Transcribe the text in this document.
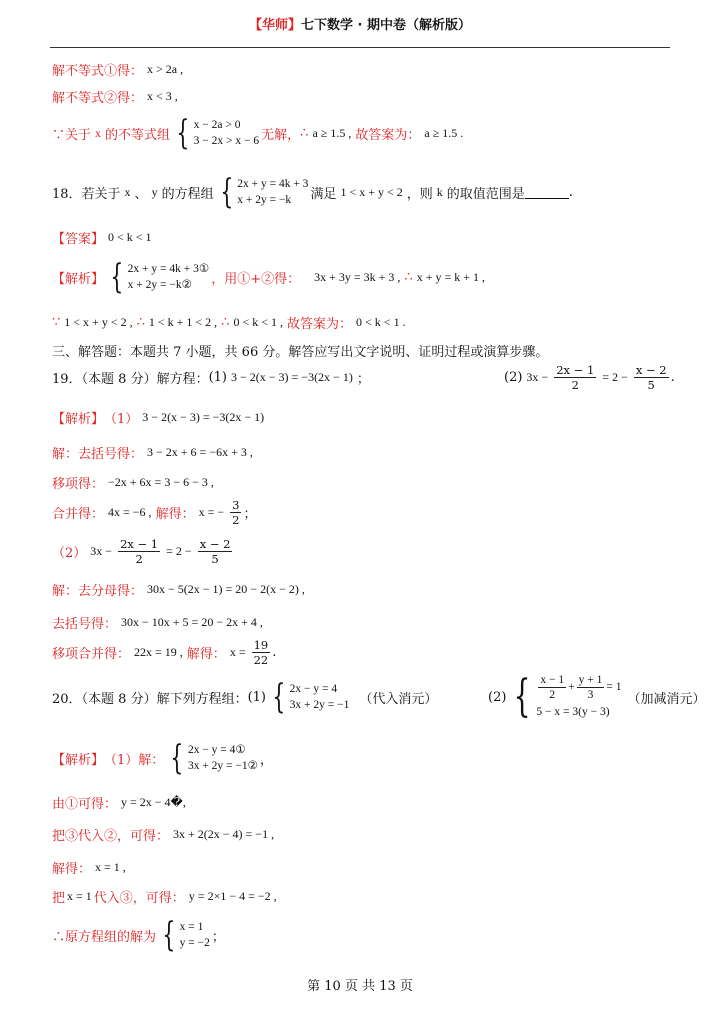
【华师】七下数学 · 期中卷（解析版）
解不等式①得： x > 2a ,
解不等式②得： x < 3 ,
∵关于 x 的不等式组 { x − 2a > 0
3 − 2x > x − 6 无解， ∴ a ≥ 1.5 , 故答案为： a ≥ 1.5 .
18．若关于 x 、 y 的方程组 { 2x + y = 4k + 3
x + 2y = −k	满足 1 < x + y < 2 ，则 k 的取值范围是	.
【答案】 0 < k < 1
【解析】 { 2x + y = 4k + 3①
x + 2y = −k②	，用①+②得： 3x + 3y = 3k + 3 , ∴ x + y = k + 1 ,
∵ 1 < x + y < 2 , ∴ 1 < k + 1 < 2 , ∴ 0 < k < 1 , 故答案为： 0 < k < 1 .
三、解答题：本题共 7 小题，共 66 分。解答应写出文字说明、证明过程或演算步骤。
19．（本题 8 分）解方程： (1) 3 − 2(x − 3) = −3(2x − 1) ；	(2) $3x - \frac{2x - 1}{2} = 2 - \frac{x - 2}{5}$ .
【解析】 （1） 3 − 2(x − 3) = −3(2x − 1)
解：去括号得： 3 − 2x + 6 = −6x + 3 ,
移项得： −2x + 6x = 3 − 6 − 3 ,
合并得： 4x = −6 , 解得： x = − $\frac{3}{2}$ ；
（2） $3x - \frac{2x - 1}{2} = 2 - \frac{x - 2}{5}$
解：去分母得： 30x − 5(2x − 1) = 20 − 2(x − 2) ,
去括号得： 30x − 10x + 5 = 20 − 2x + 4 ,
移项合并得： 22x = 19 , 解得： $x = \frac{19}{22}$ .
20．（本题 8 分）解下列方程组： (1) { 2x − y = 4
3x + 2y = −1 （代入消元）	(2) { $\frac{x - 1}{2} + \frac{y + 1}{3} = 1$
5 − x = 3(y − 3)
（加减消元）
【解析】 （1）解： { 2x − y = 4①
3x + 2y = −1② ，
由①可得： y = 2x − 4�,
把③代入②，可得： 3x + 2(2x − 4) = −1 ,
解得： x = 1 ,
把 x = 1 代入③，可得： y = 2×1 − 4 = −2 ,
∴原方程组的解为 { x = 1
y = −2 ；
第 10 页 共 13 页
